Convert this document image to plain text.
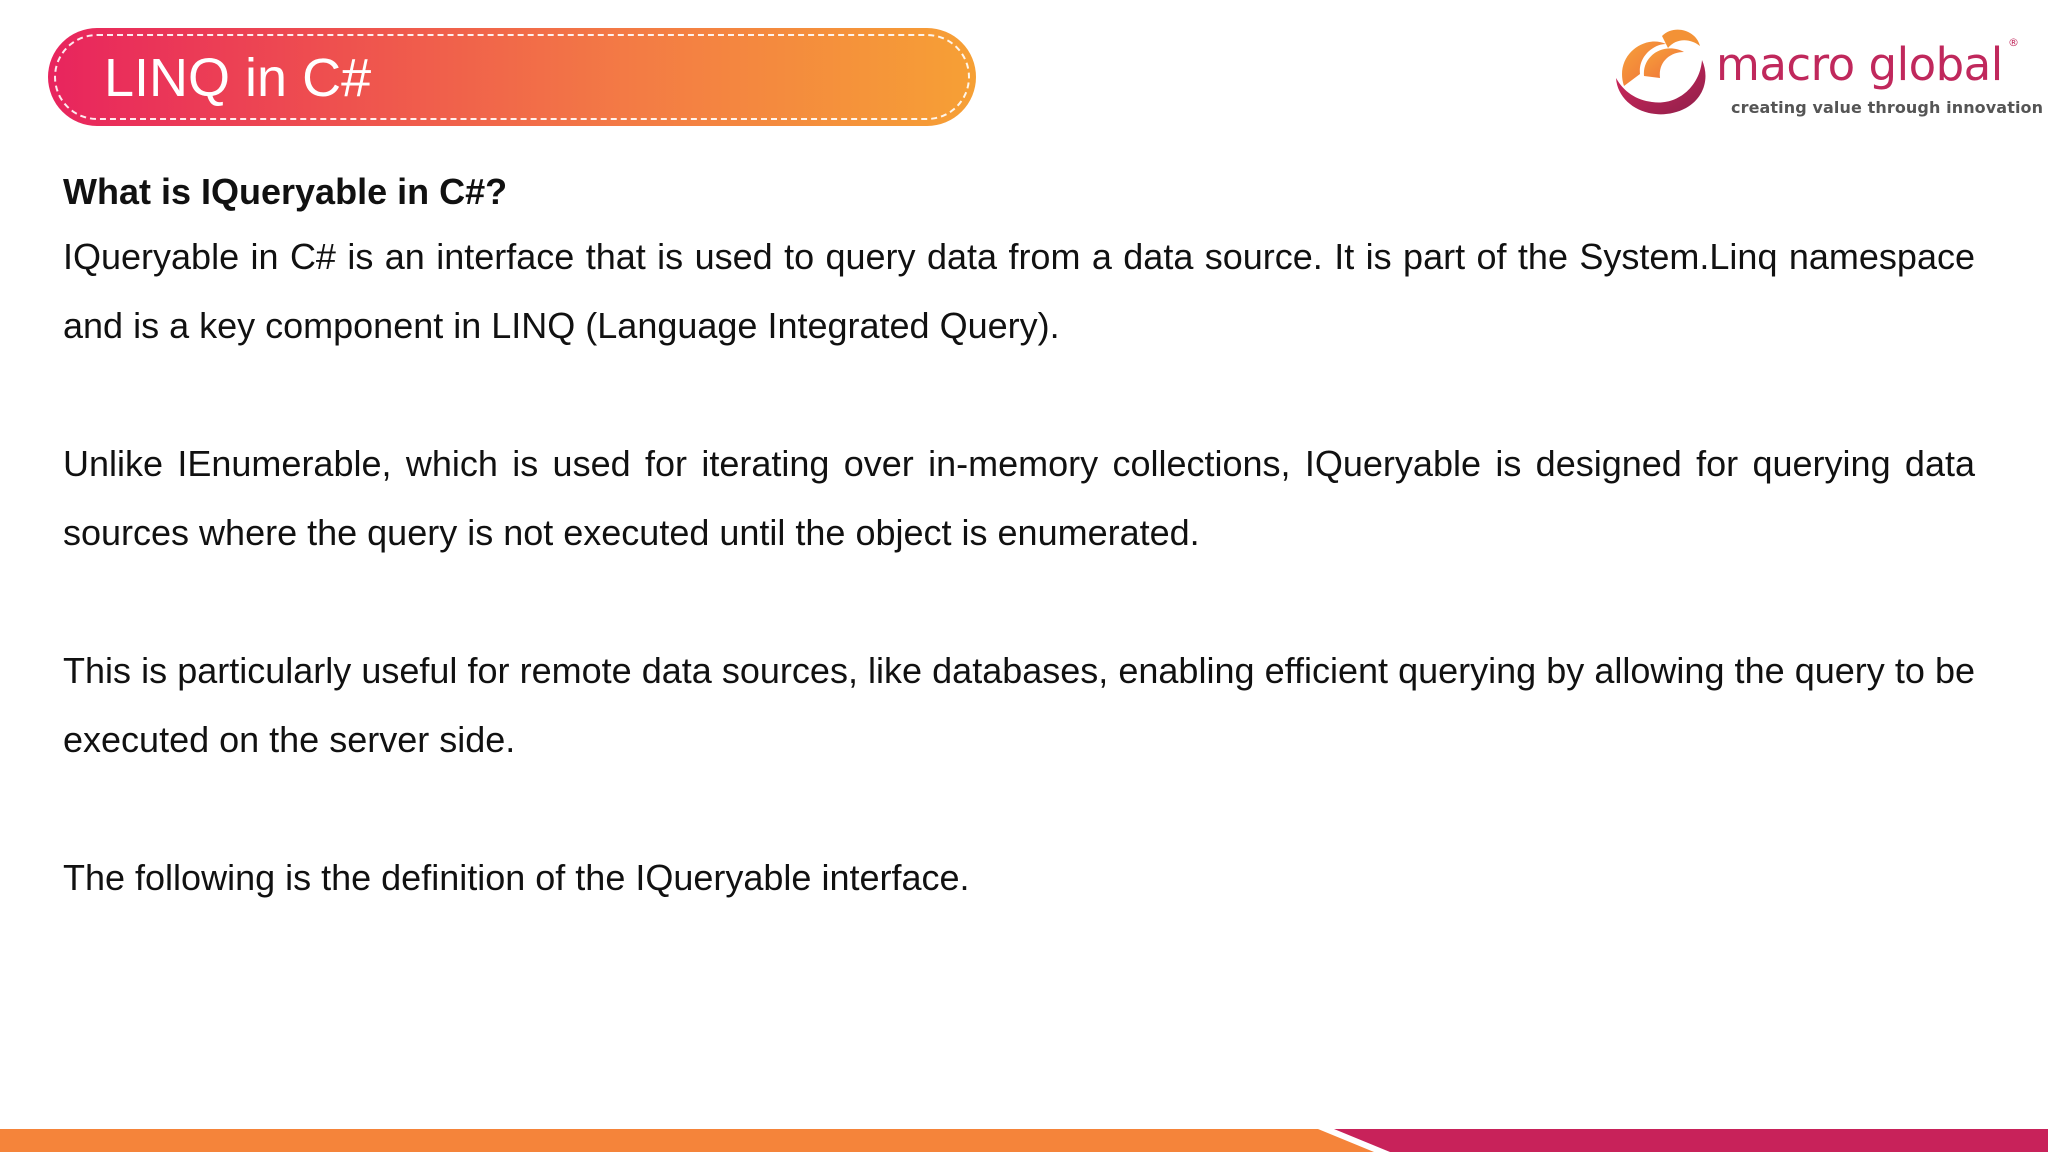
LINQ in C#	macro global ®
creating value through innovation

What is IQueryable in C#?

IQueryable in C# is an interface that is used to query data from a data source. It is part of the System.Linq namespace and is a key component in LINQ (Language Integrated Query).

Unlike IEnumerable, which is used for iterating over in-memory collections, IQueryable is designed for querying data sources where the query is not executed until the object is enumerated.

This is particularly useful for remote data sources, like databases, enabling efficient querying by allowing the query to be executed on the server side.

The following is the definition of the IQueryable interface.
